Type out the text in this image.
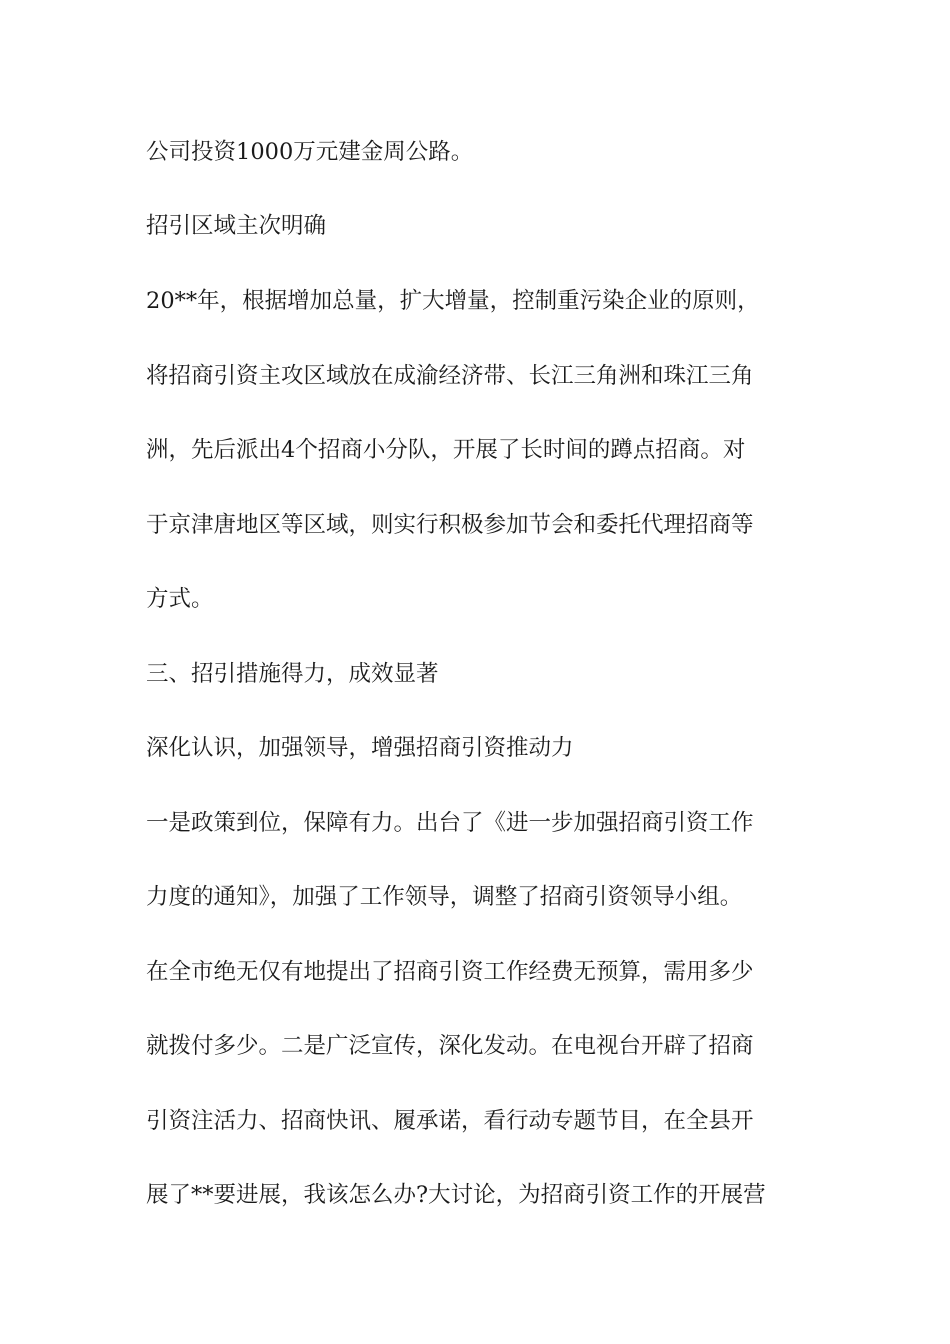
公司投资1000万元建金周公路。
招引区域主次明确
20**年，根据增加总量，扩大增量，控制重污染企业的原则，
将招商引资主攻区域放在成渝经济带、长江三角洲和珠江三角
洲，先后派出4个招商小分队，开展了长时间的蹲点招商。对
于京津唐地区等区域，则实行积极参加节会和委托代理招商等
方式。
三、招引措施得力，成效显著
深化认识，加强领导，增强招商引资推动力
一是政策到位，保障有力。出台了《进一步加强招商引资工作
力度的通知》，加强了工作领导，调整了招商引资领导小组。
在全市绝无仅有地提出了招商引资工作经费无预算，需用多少
就拨付多少。二是广泛宣传，深化发动。在电视台开辟了招商
引资注活力、招商快讯、履承诺，看行动专题节目，在全县开
展了**要进展，我该怎么办?大讨论，为招商引资工作的开展营
